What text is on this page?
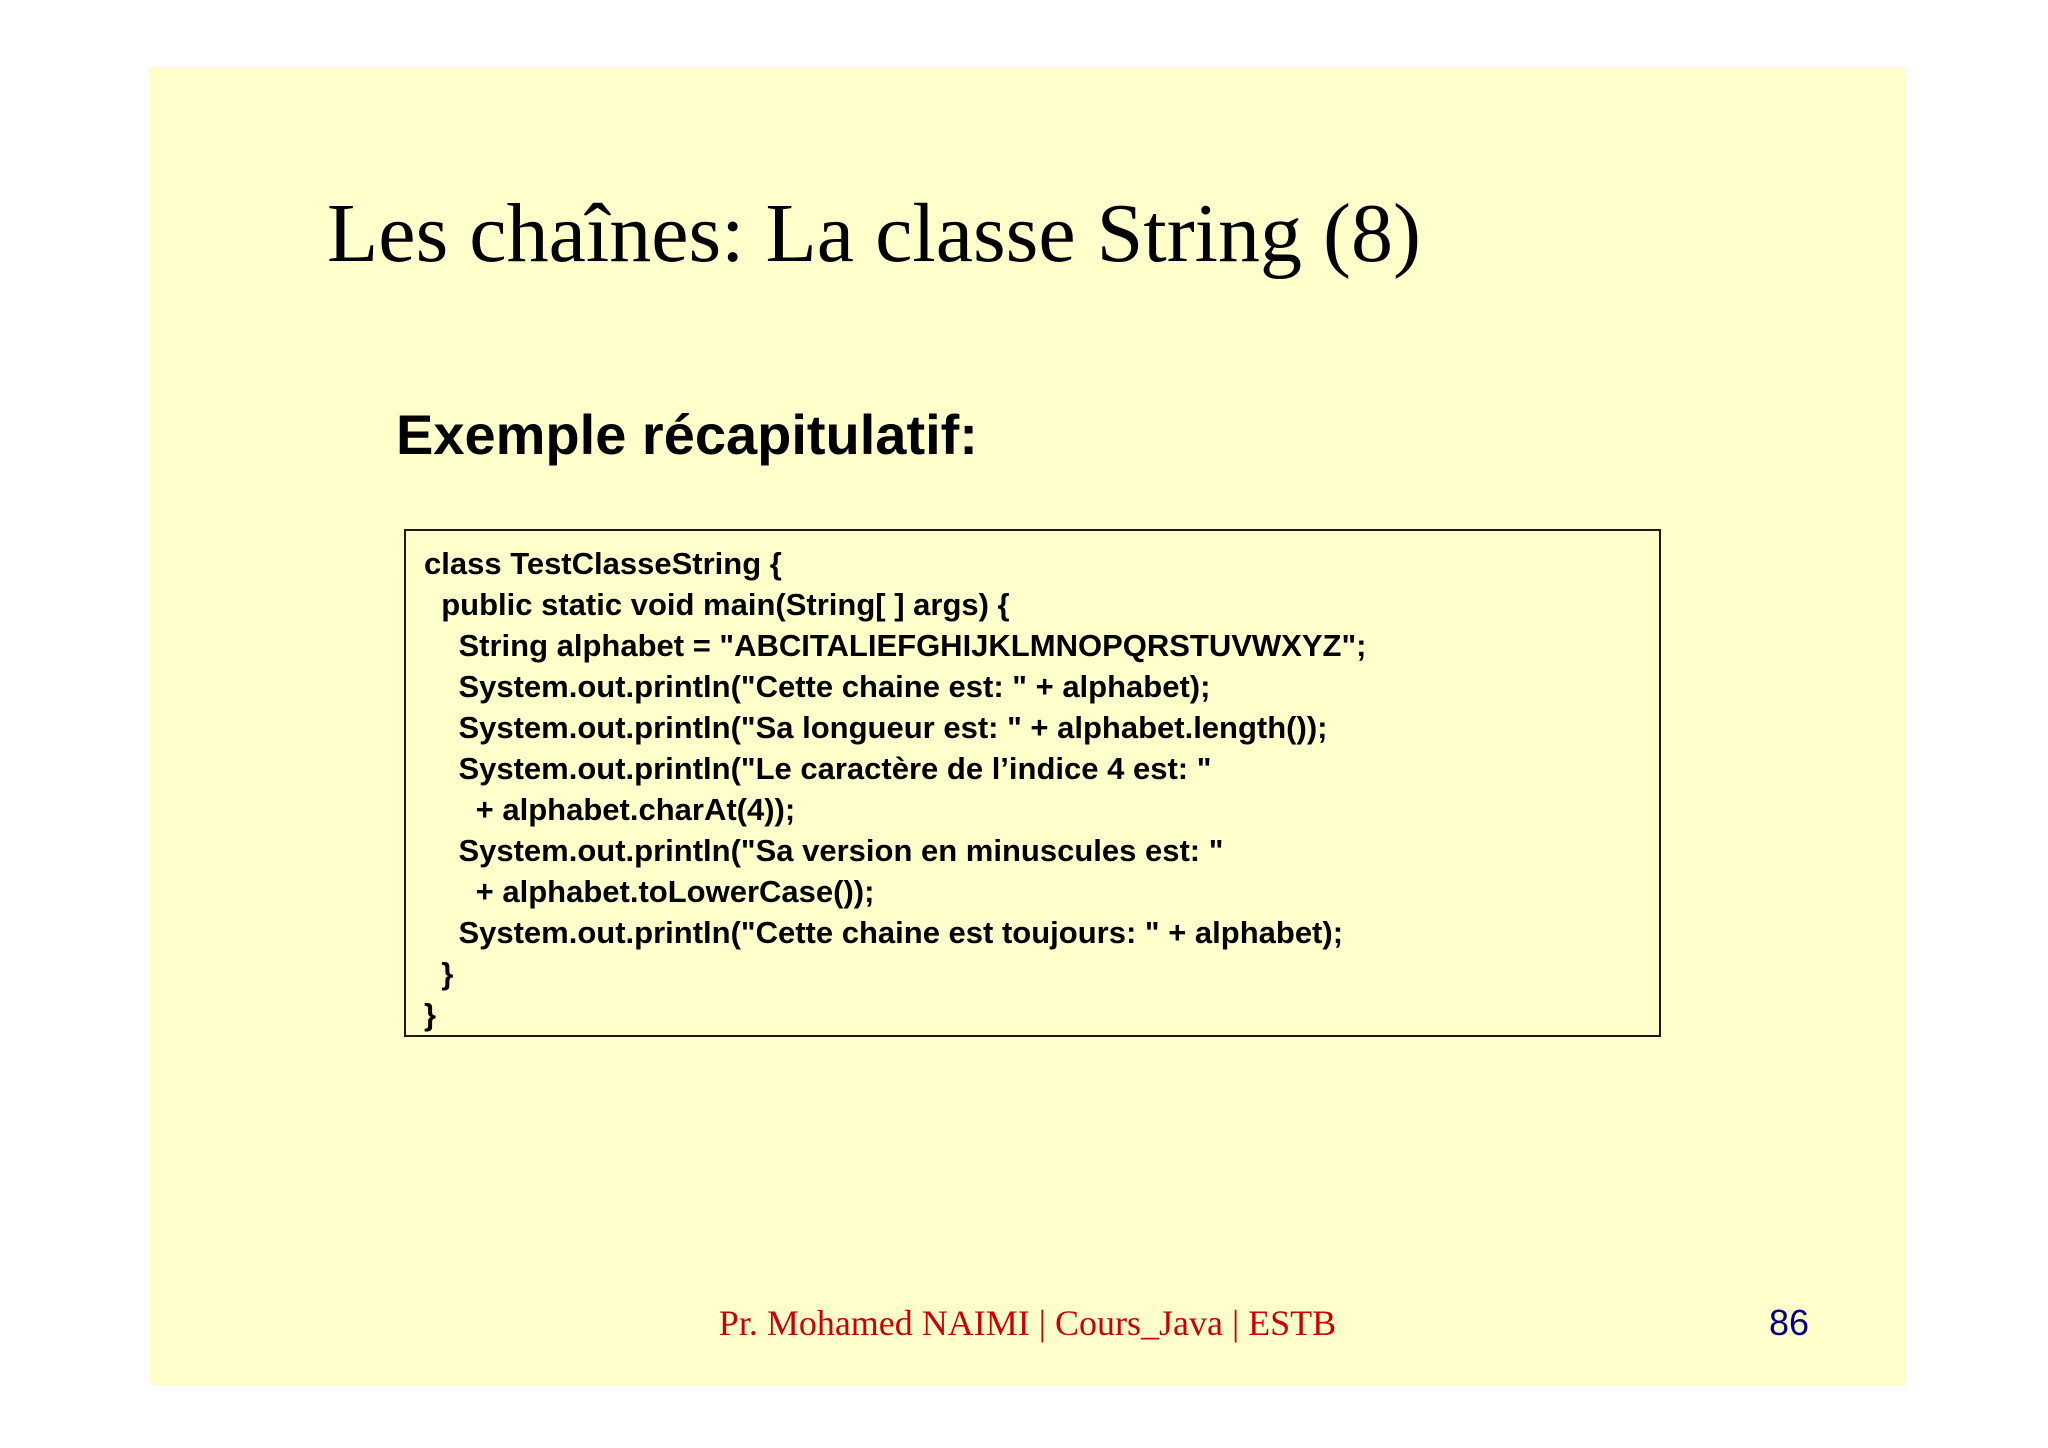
Les chaînes: La classe String (8)
Exemple récapitulatif:
class TestClasseString {
public static void main(String[ ] args) {
String alphabet = "ABCITALIEFGHIJKLMNOPQRSTUVWXYZ";
System.out.println("Cette chaine est: " + alphabet);
System.out.println("Sa longueur est: " + alphabet.length());
System.out.println("Le caractère de l’indice 4 est: "
+ alphabet.charAt(4));
System.out.println("Sa version en minuscules est: "
+ alphabet.toLowerCase());
System.out.println("Cette chaine est toujours: " + alphabet);
}
}
Pr. Mohamed NAIMI | Cours_Java | ESTB	86
